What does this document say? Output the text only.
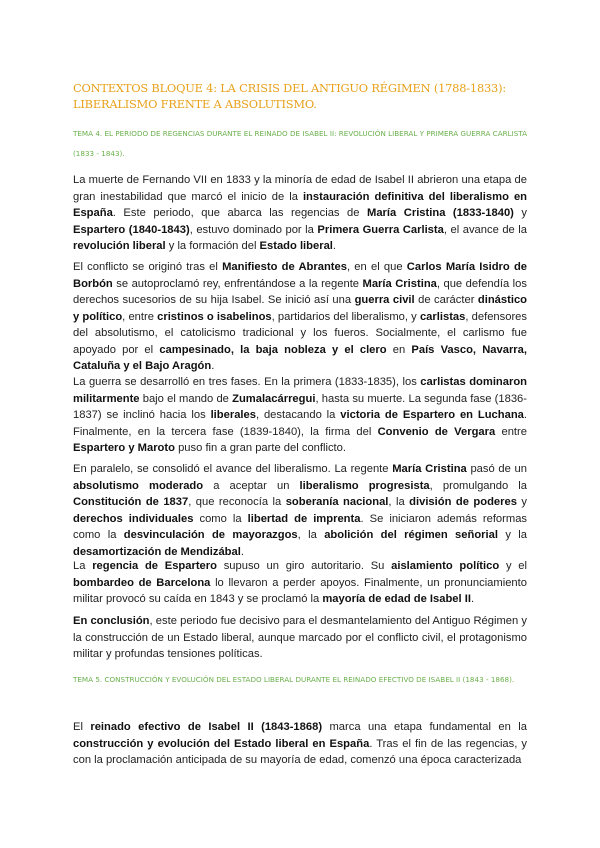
CONTEXTOS BLOQUE 4: LA CRISIS DEL ANTIGUO RÉGIMEN (1788-1833): LIBERALISMO FRENTE A ABSOLUTISMO.
TEMA 4. EL PERIODO DE REGENCIAS DURANTE EL REINADO DE ISABEL II: REVOLUCIÓN LIBERAL Y PRIMERA GUERRA CARLISTA (1833 - 1843).

La muerte de Fernando VII en 1833 y la minoría de edad de Isabel II abrieron una etapa de gran inestabilidad que marcó el inicio de la instauración definitiva del liberalismo en España. Este periodo, que abarca las regencias de María Cristina (1833-1840) y Espartero (1840-1843), estuvo dominado por la Primera Guerra Carlista, el avance de la revolución liberal y la formación del Estado liberal.

El conflicto se originó tras el Manifiesto de Abrantes, en el que Carlos María Isidro de Borbón se autoproclamó rey, enfrentándose a la regente María Cristina, que defendía los derechos sucesorios de su hija Isabel. Se inició así una guerra civil de carácter dinástico y político, entre cristinos o isabelinos, partidarios del liberalismo, y carlistas, defensores del absolutismo, el catolicismo tradicional y los fueros. Socialmente, el carlismo fue apoyado por el campesinado, la baja nobleza y el clero en País Vasco, Navarra, Cataluña y el Bajo Aragón.

La guerra se desarrolló en tres fases. En la primera (1833-1835), los carlistas dominaron militarmente bajo el mando de Zumalacárregui, hasta su muerte. La segunda fase (1836-1837) se inclinó hacia los liberales, destacando la victoria de Espartero en Luchana. Finalmente, en la tercera fase (1839-1840), la firma del Convenio de Vergara entre Espartero y Maroto puso fin a gran parte del conflicto.

En paralelo, se consolidó el avance del liberalismo. La regente María Cristina pasó de un absolutismo moderado a aceptar un liberalismo progresista, promulgando la Constitución de 1837, que reconocía la soberanía nacional, la división de poderes y derechos individuales como la libertad de imprenta. Se iniciaron además reformas como la desvinculación de mayorazgos, la abolición del régimen señorial y la desamortización de Mendizábal.

La regencia de Espartero supuso un giro autoritario. Su aislamiento político y el bombardeo de Barcelona lo llevaron a perder apoyos. Finalmente, un pronunciamiento militar provocó su caída en 1843 y se proclamó la mayoría de edad de Isabel II.

En conclusión, este periodo fue decisivo para el desmantelamiento del Antiguo Régimen y la construcción de un Estado liberal, aunque marcado por el conflicto civil, el protagonismo militar y profundas tensiones políticas.

TEMA 5. CONSTRUCCIÓN Y EVOLUCIÓN DEL ESTADO LIBERAL DURANTE EL REINADO EFECTIVO DE ISABEL II (1843 - 1868).

El reinado efectivo de Isabel II (1843-1868) marca una etapa fundamental en la construcción y evolución del Estado liberal en España. Tras el fin de las regencias, y con la proclamación anticipada de su mayoría de edad, comenzó una época caracterizada
